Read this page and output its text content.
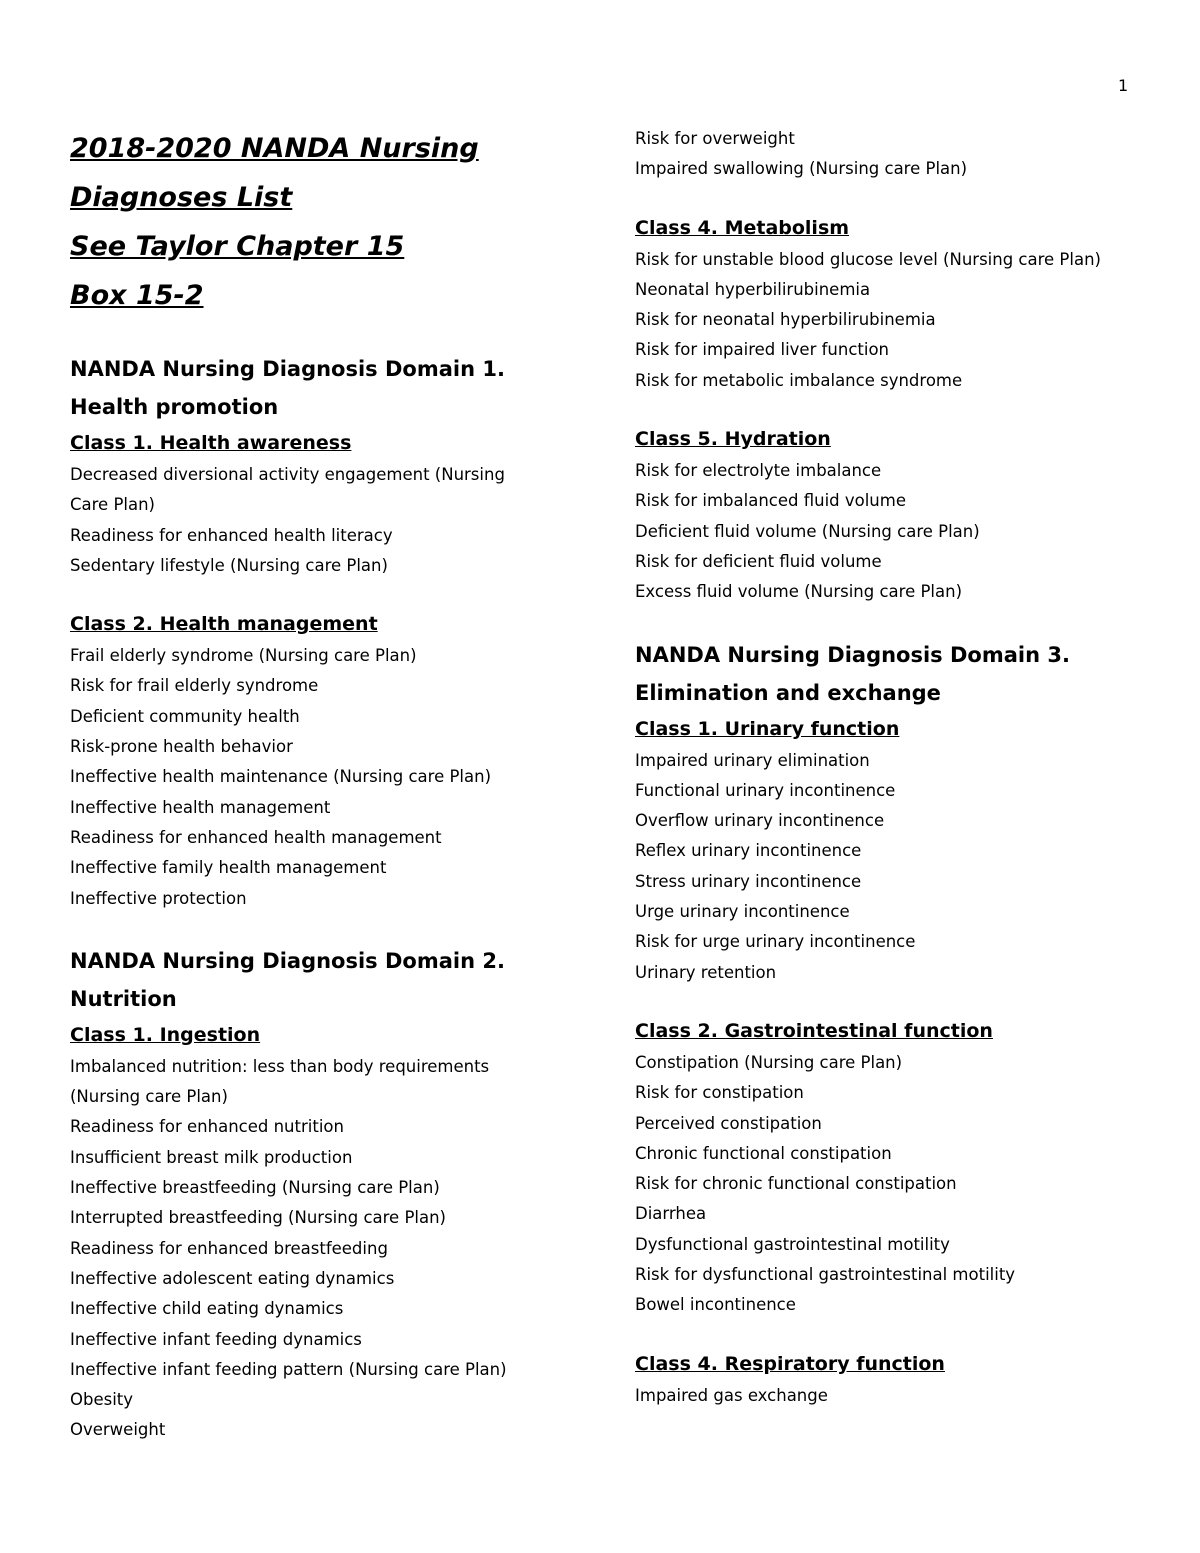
1
2018-2020 NANDA Nursing
Diagnoses List
See Taylor Chapter 15
Box 15-2
NANDA Nursing Diagnosis Domain 1.
Health promotion
Class 1. Health awareness
Decreased diversional activity engagement (Nursing
Care Plan)
Readiness for enhanced health literacy
Sedentary lifestyle (Nursing care Plan)
Class 2. Health management
Frail elderly syndrome (Nursing care Plan)
Risk for frail elderly syndrome
Deficient community health
Risk-prone health behavior
Ineffective health maintenance (Nursing care Plan)
Ineffective health management
Readiness for enhanced health management
Ineffective family health management
Ineffective protection
NANDA Nursing Diagnosis Domain 2.
Nutrition
Class 1. Ingestion
Imbalanced nutrition: less than body requirements
(Nursing care Plan)
Readiness for enhanced nutrition
Insufficient breast milk production
Ineffective breastfeeding (Nursing care Plan)
Interrupted breastfeeding (Nursing care Plan)
Readiness for enhanced breastfeeding
Ineffective adolescent eating dynamics
Ineffective child eating dynamics
Ineffective infant feeding dynamics
Ineffective infant feeding pattern (Nursing care Plan)
Obesity
Overweight
Risk for overweight
Impaired swallowing (Nursing care Plan)
Class 4. Metabolism
Risk for unstable blood glucose level (Nursing care Plan)
Neonatal hyperbilirubinemia
Risk for neonatal hyperbilirubinemia
Risk for impaired liver function
Risk for metabolic imbalance syndrome
Class 5. Hydration
Risk for electrolyte imbalance
Risk for imbalanced fluid volume
Deficient fluid volume (Nursing care Plan)
Risk for deficient fluid volume
Excess fluid volume (Nursing care Plan)
NANDA Nursing Diagnosis Domain 3.
Elimination and exchange
Class 1. Urinary function
Impaired urinary elimination
Functional urinary incontinence
Overflow urinary incontinence
Reflex urinary incontinence
Stress urinary incontinence
Urge urinary incontinence
Risk for urge urinary incontinence
Urinary retention
Class 2. Gastrointestinal function
Constipation (Nursing care Plan)
Risk for constipation
Perceived constipation
Chronic functional constipation
Risk for chronic functional constipation
Diarrhea
Dysfunctional gastrointestinal motility
Risk for dysfunctional gastrointestinal motility
Bowel incontinence
Class 4. Respiratory function
Impaired gas exchange
